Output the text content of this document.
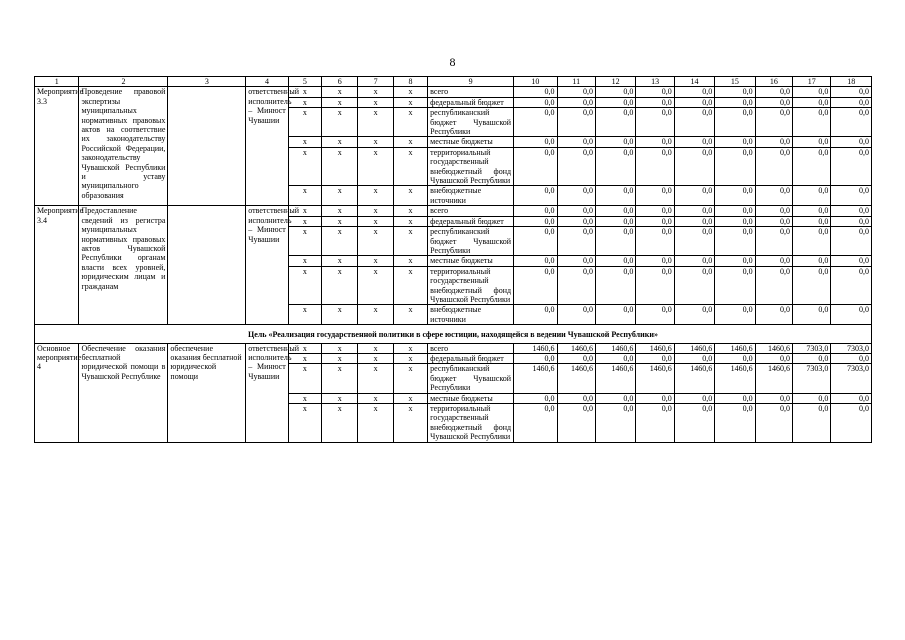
8
1	2	3	4	5	6	7	8	9	10	11	12	13	14	15	16	17	18
Мероприятие 3.3	Проведение правовой экспертизы муниципальных нормативных правовых актов на соответствие их законодательству Российской Федерации, законодательству Чувашской Республики и уставу муниципального образования		ответственный исполнитель – Минюст Чувашии	x	x	x	x	всего	0,0	0,0	0,0	0,0	0,0	0,0	0,0	0,0	0,0
				x	x	x	x	федеральный бюджет	0,0	0,0	0,0	0,0	0,0	0,0	0,0	0,0	0,0
				x	x	x	x	республиканский бюджет Чувашской Республики	0,0	0,0	0,0	0,0	0,0	0,0	0,0	0,0	0,0
				x	x	x	x	местные бюджеты	0,0	0,0	0,0	0,0	0,0	0,0	0,0	0,0	0,0
				x	x	x	x	территориальный государственный внебюджетный фонд Чувашской Республики	0,0	0,0	0,0	0,0	0,0	0,0	0,0	0,0	0,0
				x	x	x	x	внебюджетные источники	0,0	0,0	0,0	0,0	0,0	0,0	0,0	0,0	0,0
Мероприятие 3.4	Предоставление сведений из регистра муниципальных нормативных правовых актов Чувашской Республики органам власти всех уровней, юридическим лицам и гражданам		ответственный исполнитель – Минюст Чувашии	x	x	x	x	всего	0,0	0,0	0,0	0,0	0,0	0,0	0,0	0,0	0,0
				x	x	x	x	федеральный бюджет	0,0	0,0	0,0	0,0	0,0	0,0	0,0	0,0	0,0
				x	x	x	x	республиканский бюджет Чувашской Республики	0,0	0,0	0,0	0,0	0,0	0,0	0,0	0,0	0,0
				x	x	x	x	местные бюджеты	0,0	0,0	0,0	0,0	0,0	0,0	0,0	0,0	0,0
				x	x	x	x	территориальный государственный внебюджетный фонд Чувашской Республики	0,0	0,0	0,0	0,0	0,0	0,0	0,0	0,0	0,0
				x	x	x	x	внебюджетные источники	0,0	0,0	0,0	0,0	0,0	0,0	0,0	0,0	0,0
Цель «Реализация государственной политики в сфере юстиции, находящейся в ведении Чувашской Республики»																	
Основное мероприятие 4	Обеспечение оказания бесплатной юридической помощи в Чувашской Республике	обеспечение оказания бесплатной юридической помощи	ответственный исполнитель – Минюст Чувашии	x	x	x	x	всего	1460,6	1460,6	1460,6	1460,6	1460,6	1460,6	1460,6	7303,0	7303,0
				x	x	x	x	федеральный бюджет	0,0	0,0	0,0	0,0	0,0	0,0	0,0	0,0	0,0
				x	x	x	x	республиканский бюджет Чувашской Республики	1460,6	1460,6	1460,6	1460,6	1460,6	1460,6	1460,6	7303,0	7303,0
				x	x	x	x	местные бюджеты	0,0	0,0	0,0	0,0	0,0	0,0	0,0	0,0	0,0
				x	x	x	x	территориальный государственный внебюджетный фонд Чувашской Республики	0,0	0,0	0,0	0,0	0,0	0,0	0,0	0,0	0,0
